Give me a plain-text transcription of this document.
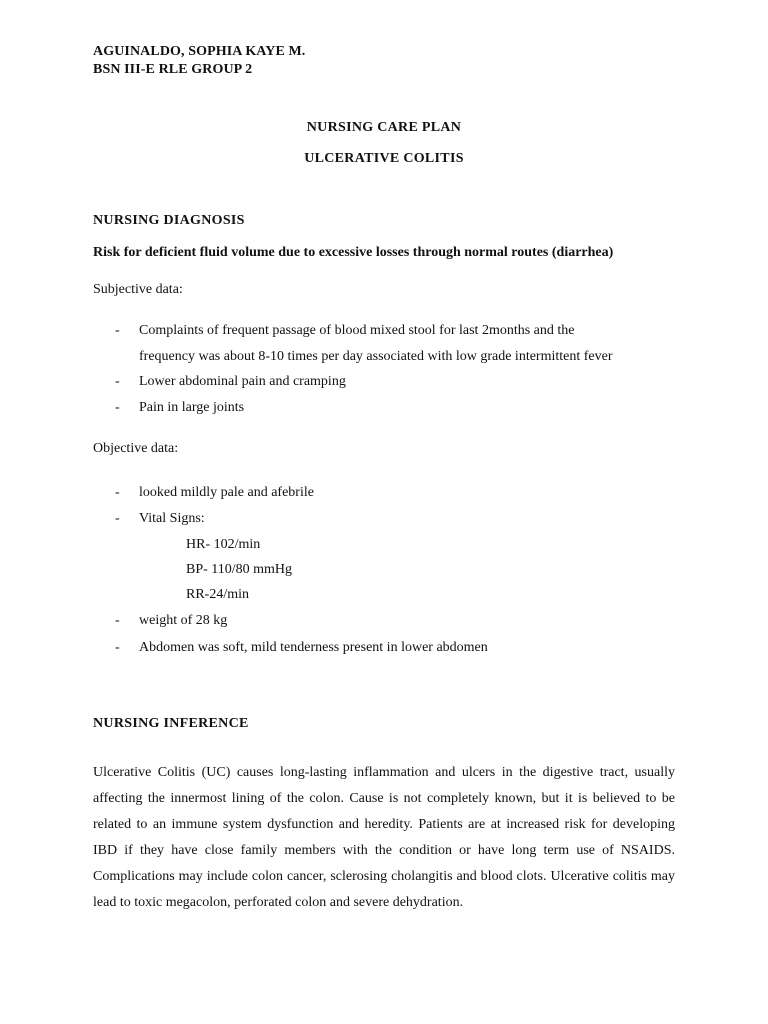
AGUINALDO, SOPHIA KAYE M.
BSN III-E RLE GROUP 2
NURSING CARE PLAN
ULCERATIVE COLITIS
NURSING DIAGNOSIS
Risk for deficient fluid volume due to excessive losses through normal routes (diarrhea)
Subjective data:
- Complaints of frequent passage of blood mixed stool for last 2months and the
frequency was about 8-10 times per day associated with low grade intermittent fever
- Lower abdominal pain and cramping
- Pain in large joints
Objective data:
- looked mildly pale and afebrile
- Vital Signs:
HR- 102/min
BP- 110/80 mmHg
RR-24/min
- weight of 28 kg
- Abdomen was soft, mild tenderness present in lower abdomen
NURSING INFERENCE
Ulcerative Colitis (UC) causes long-lasting inflammation and ulcers in the digestive tract, usually affecting the innermost lining of the colon. Cause is not completely known, but it is believed to be related to an immune system dysfunction and heredity. Patients are at increased risk for developing IBD if they have close family members with the condition or have long term use of NSAIDS. Complications may include colon cancer, sclerosing cholangitis and blood clots. Ulcerative colitis may lead to toxic megacolon, perforated colon and severe dehydration.
